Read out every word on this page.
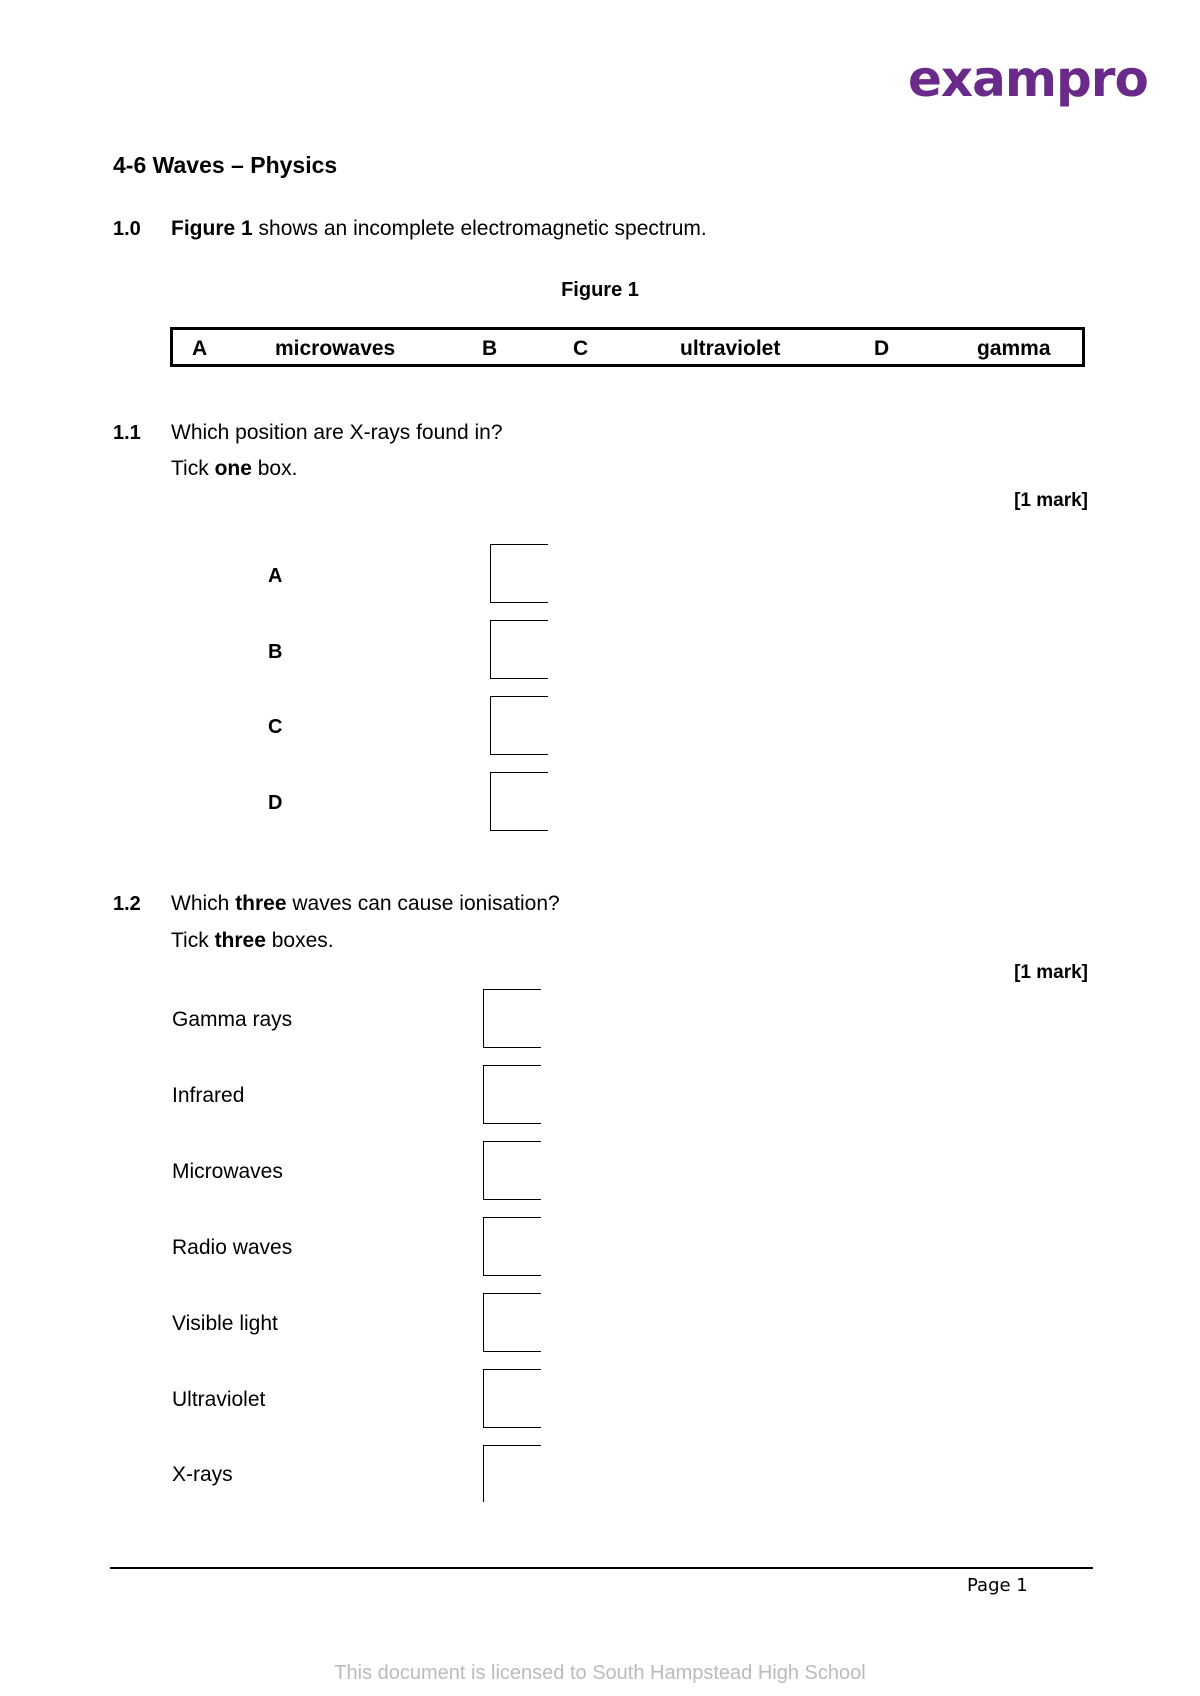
exampro
4-6 Waves – Physics
1.0 Figure 1 shows an incomplete electromagnetic spectrum.
Figure 1
A	microwaves	B	C	ultraviolet	D	gamma
1.1 Which position are X-rays found in?
Tick one box.
[1 mark]
A
B
C
D
1.2 Which three waves can cause ionisation?
Tick three boxes.
[1 mark]
Gamma rays
Infrared
Microwaves
Radio waves
Visible light
Ultraviolet
X-rays
Page 1
This document is licensed to South Hampstead High School
